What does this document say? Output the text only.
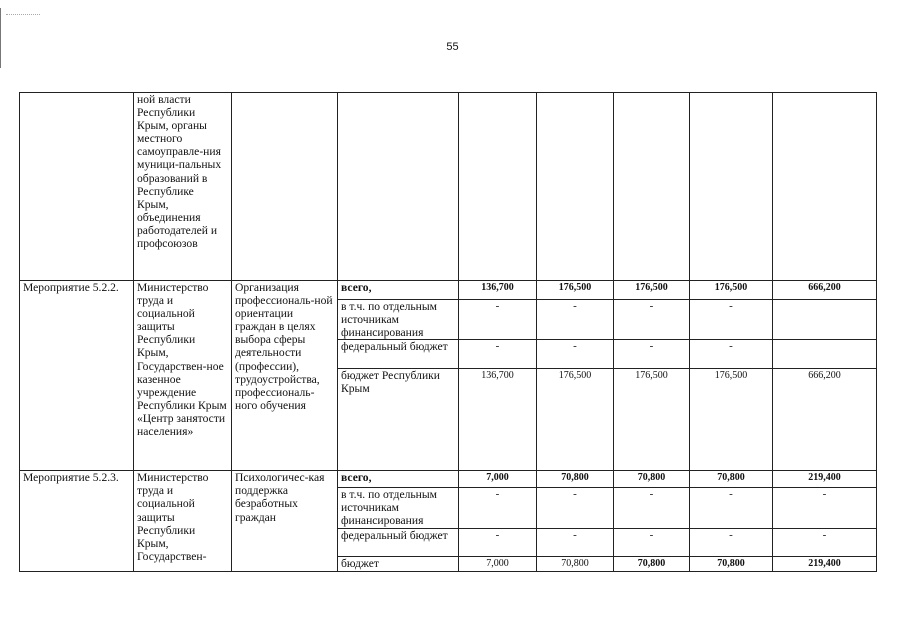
55
	ной власти Республики Крым, органы местного самоуправле-ния муници-пальных образований в Республике Крым, объединения работодателей и профсоюзов							
Мероприятие 5.2.2.	Министерство труда и социальной защиты Республики Крым, Государствен-ное казенное учреждение Республики Крым «Центр занятости населения»	Организация профессиональ-ной ориентации граждан в целях выбора сферы деятельности (профессии), трудоустройства, профессиональ-ного обучения	всего,	136,700	176,500	176,500	176,500	666,200
			в т.ч. по отдельным источникам финансирования	-	-	-	-	
			федеральный бюджет	-	-	-	-	
			бюджет Республики Крым	136,700	176,500	176,500	176,500	666,200
Мероприятие 5.2.3.	Министерство труда и социальной защиты Республики Крым, Государствен-	Психологичес-кая поддержка безработных граждан	всего,	7,000	70,800	70,800	70,800	219,400
			в т.ч. по отдельным источникам финансирования	-	-	-	-	-
			федеральный бюджет	-	-	-	-	-
			бюджет	7,000	70,800	70,800	70,800	219,400
